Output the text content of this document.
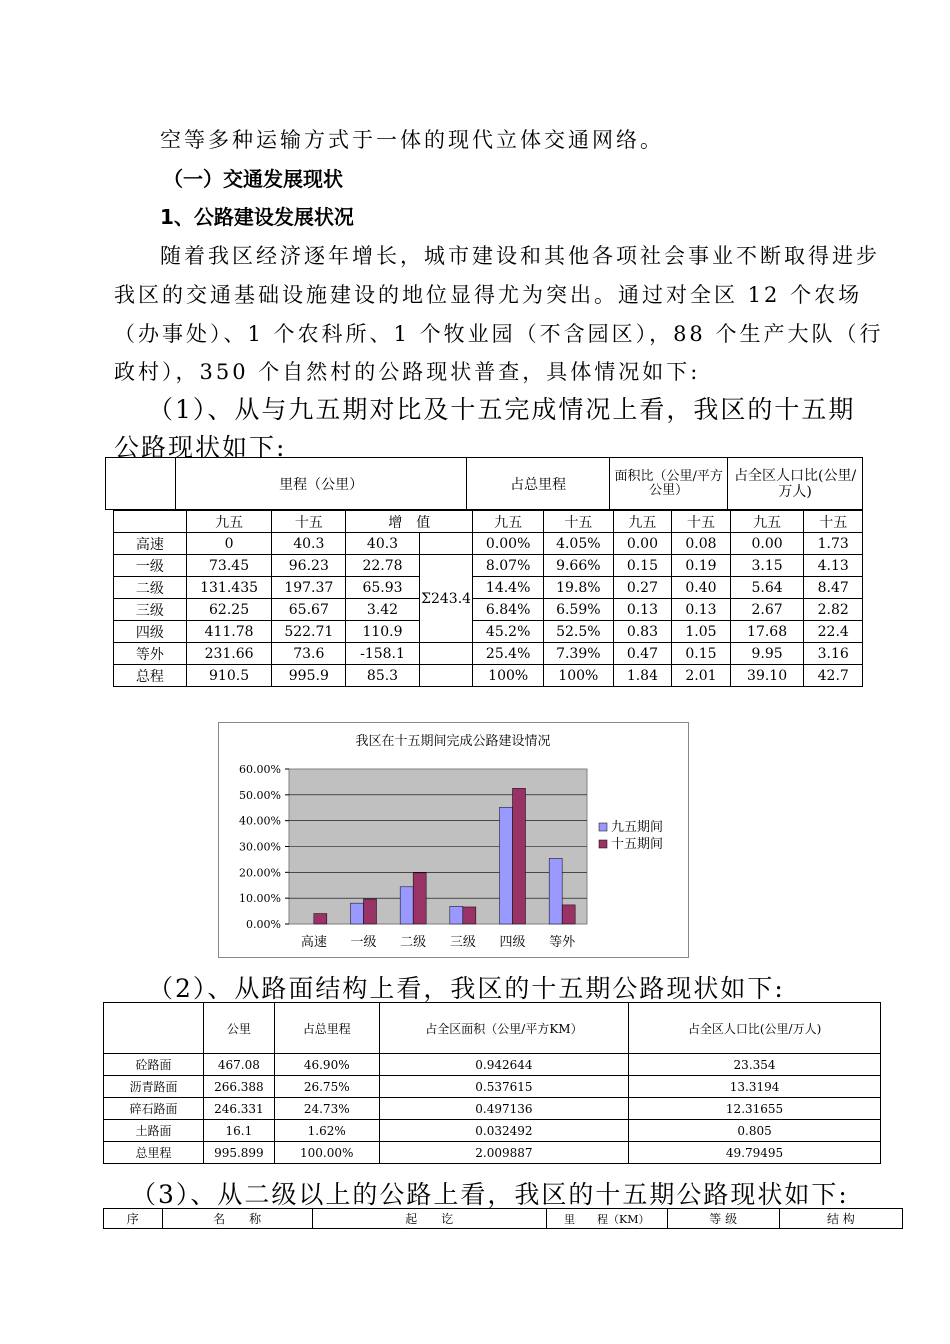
空等多种运输方式于一体的现代立体交通网络。
（一）交通发展现状
1、公路建设发展状况
随着我区经济逐年增长，城市建设和其他各项社会事业不断取得进步
我区的交通基础设施建设的地位显得尤为突出。通过对全区 12 个农场
（办事处）、1 个农科所、1 个牧业园（不含园区），88 个生产大队（行
政村），350 个自然村的公路现状普查，具体情况如下:
（1）、从与九五期对比及十五完成情况上看，我区的十五期
公路现状如下:
	里程（公里）	占总里程	面积比（公里/平方公里）	占全区人口比(公里/万人)
	九五	十五	增　值		九五	十五	九五	十五	九五	十五
高速	0	40.3	40.3		0.00%	4.05%	0.00	0.08	0.00	1.73
一级	73.45	96.23	22.78	Σ243.4	8.07%	9.66%	0.15	0.19	3.15	4.13
二级	131.435	197.37	65.93		14.4%	19.8%	0.27	0.40	5.64	8.47
三级	62.25	65.67	3.42		6.84%	6.59%	0.13	0.13	2.67	2.82
四级	411.78	522.71	110.9		45.2%	52.5%	0.83	1.05	17.68	22.4
等外	231.66	73.6	-158.1		25.4%	7.39%	0.47	0.15	9.95	3.16
总程	910.5	995.9	85.3		100%	100%	1.84	2.01	39.10	42.7
我区在十五期间完成公路建设情况
0.00%
10.00%
20.00%
30.00%
40.00%
50.00%
60.00%
高速 一级 二级 三级 四级 等外
九五期间
十五期间
（2）、从路面结构上看，我区的十五期公路现状如下:
	公里	占总里程	占全区面积（公里/平方KM）	占全区人口比(公里/万人)
砼路面	467.08	46.90%	0.942644	23.354
沥青路面	266.388	26.75%	0.537615	13.3194
碎石路面	246.331	24.73%	0.497136	12.31655
土路面	16.1	1.62%	0.032492	0.805
总里程	995.899	100.00%	2.009887	49.79495
（3）、从二级以上的公路上看，我区的十五期公路现状如下:
序	名　　称	起　　讫	里　　程（KM）	等 级	结 构
